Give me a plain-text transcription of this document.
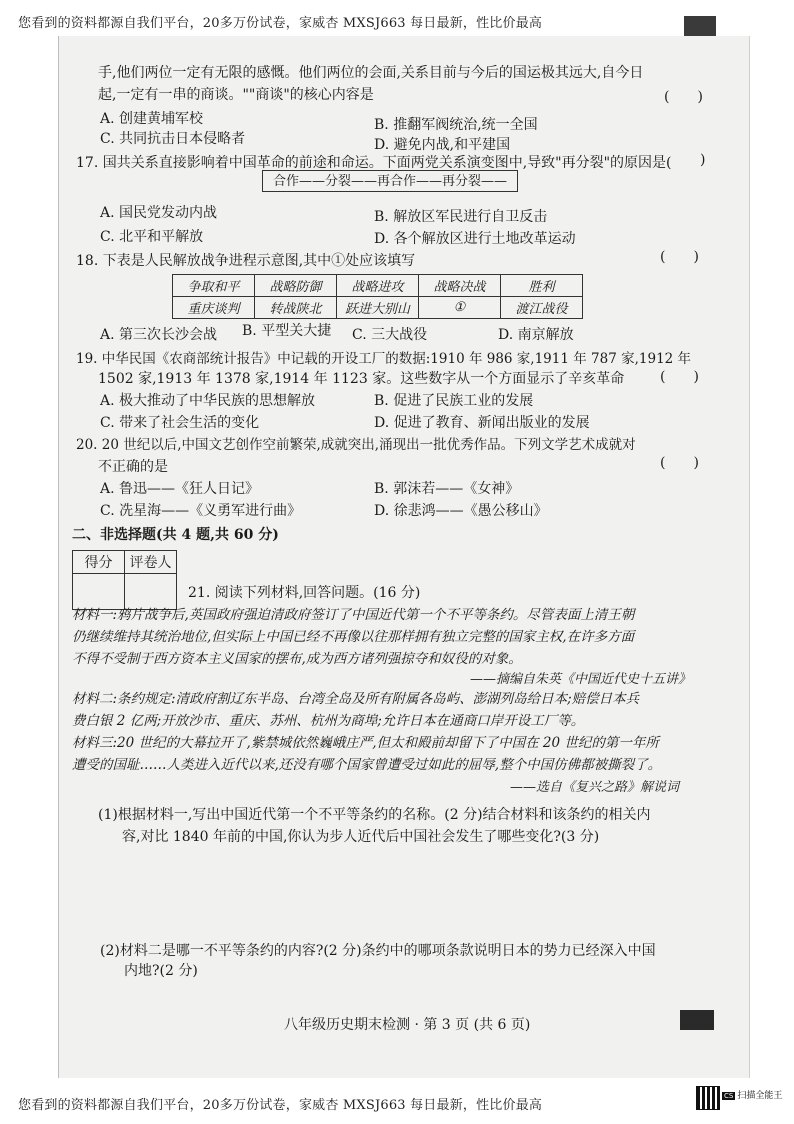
您看到的资料都源自我们平台，20多万份试卷，家威杏 MXSJ663 每日最新，性比价最高
手,他们两位一定有无限的感慨。他们两位的会面,关系目前与今后的国运极其远大,自今日
起,一定有一串的商谈。""商谈"的核心内容是	(　　)
A. 创建黄埔军校	B. 推翻军阀统治,统一全国
C. 共同抗击日本侵略者	D. 避免内战,和平建国
17. 国共关系直接影响着中国革命的前途和命运。下面两党关系演变图中,导致"再分裂"的原因是( )
合作——分裂——再合作——再分裂——
A. 国民党发动内战	B. 解放区军民进行自卫反击
C. 北平和平解放	D. 各个解放区进行土地改革运动
18. 下表是人民解放战争进程示意图,其中①处应该填写	(　　)
争取和平	战略防御	战略进攻	战略决战	胜利
重庆谈判	转战陕北	跃进大别山	①	渡江战役
A. 第三次长沙会战 B. 平型关大捷 C. 三大战役	D. 南京解放
19. 中华民国《农商部统计报告》中记载的开设工厂的数据:1910 年 986 家,1911 年 787 家,1912 年
1502 家,1913 年 1378 家,1914 年 1123 家。这些数字从一个方面显示了辛亥革命	(　　)
A. 极大推动了中华民族的思想解放	B. 促进了民族工业的发展
C. 带来了社会生活的变化	D. 促进了教育、新闻出版业的发展
20. 20 世纪以后,中国文艺创作空前繁荣,成就突出,涌现出一批优秀作品。下列文学艺术成就对
不正确的是	(　　)
A. 鲁迅——《狂人日记》	B. 郭沫若——《女神》
C. 冼星海——《义勇军进行曲》	D. 徐悲鸿——《愚公移山》
二、非选择题(共 4 题,共 60 分)
得分	评卷人

21. 阅读下列材料,回答问题。(16 分)
材料一:鸦片战争后,英国政府强迫清政府签订了中国近代第一个不平等条约。尽管表面上清王朝
仍继续维持其统治地位,但实际上中国已经不再像以往那样拥有独立完整的国家主权,在许多方面
不得不受制于西方资本主义国家的摆布,成为西方诸列强掠夺和奴役的对象。
——摘编自朱英《中国近代史十五讲》
材料二:条约规定:清政府割辽东半岛、台湾全岛及所有附属各岛屿、澎湖列岛给日本;赔偿日本兵
费白银 2 亿两;开放沙市、重庆、苏州、杭州为商埠;允许日本在通商口岸开设工厂等。
材料三:20 世纪的大幕拉开了,紫禁城依然巍峨庄严,但太和殿前却留下了中国在 20 世纪的第一年所
遭受的国耻……人类进入近代以来,还没有哪个国家曾遭受过如此的屈辱,整个中国仿佛都被撕裂了。
——选自《复兴之路》解说词
(1)根据材料一,写出中国近代第一个不平等条约的名称。(2 分)结合材料和该条约的相关内
容,对比 1840 年前的中国,你认为步人近代后中国社会发生了哪些变化?(3 分)
(2)材料二是哪一不平等条约的内容?(2 分)条约中的哪项条款说明日本的势力已经深入中国
内地?(2 分)
八年级历史期末检测 · 第 3 页 (共 6 页)
您看到的资料都源自我们平台，20多万份试卷，家威杏 MXSJ663 每日最新，性比价最高
CS 扫描全能王
